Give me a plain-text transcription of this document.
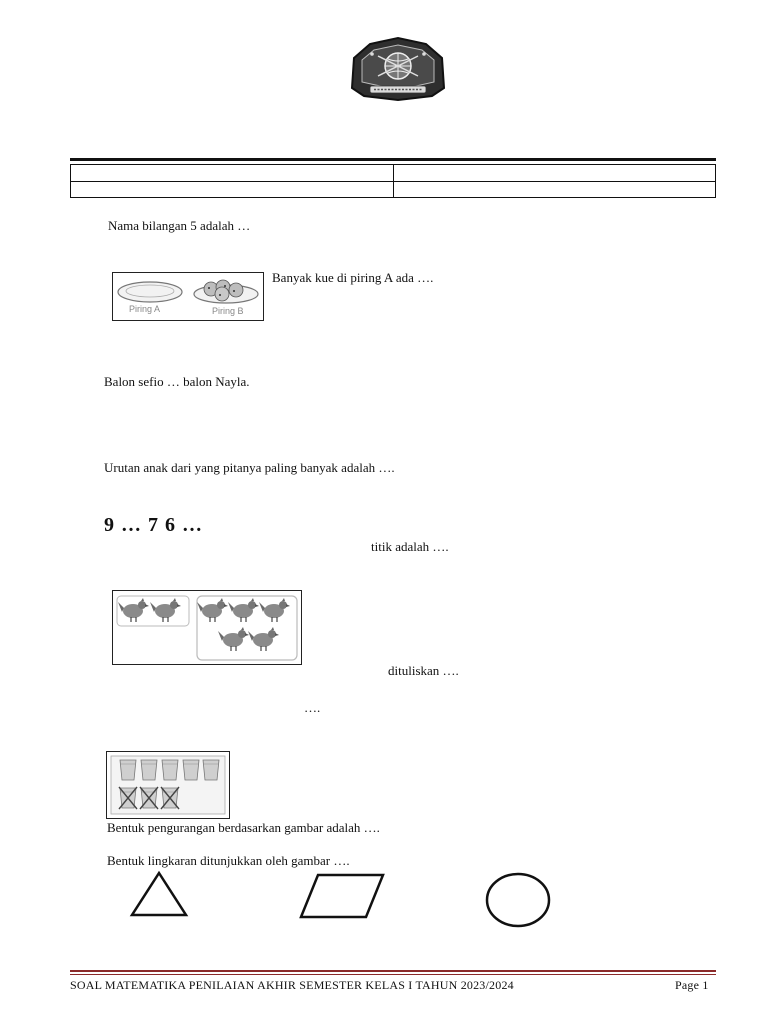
Nama bilangan 5 adalah …
Piring A	Piring B
Banyak kue di piring A ada ….
Balon sefio … balon Nayla.
Urutan anak dari yang pitanya paling banyak adalah ….
9 … 7 6 …
titik adalah ….
dituliskan ….
….
Bentuk pengurangan berdasarkan gambar adalah ….
Bentuk lingkaran ditunjukkan oleh gambar ….
SOAL MATEMATIKA PENILAIAN AKHIR SEMESTER KELAS I TAHUN 2023/2024	Page 1
